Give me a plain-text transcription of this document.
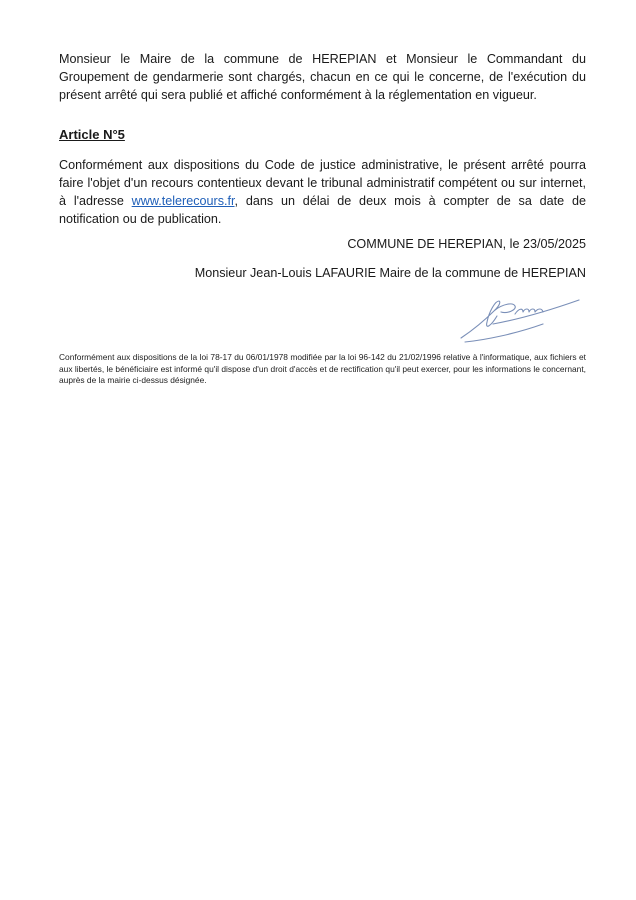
Monsieur le Maire de la commune de HEREPIAN et Monsieur le Commandant du Groupement de gendarmerie sont chargés, chacun en ce qui le concerne, de l'exécution du présent arrêté qui sera publié et affiché conformément à la réglementation en vigueur.

Article N°5

Conformément aux dispositions du Code de justice administrative, le présent arrêté pourra faire l'objet d'un recours contentieux devant le tribunal administratif compétent ou sur internet, à l'adresse www.telerecours.fr, dans un délai de deux mois à compter de sa date de notification ou de publication.

COMMUNE DE HEREPIAN, le 23/05/2025

Monsieur Jean-Louis LAFAURIE Maire de la commune de HEREPIAN

Conformément aux dispositions de la loi 78-17 du 06/01/1978 modifiée par la loi 96-142 du 21/02/1996 relative à l'informatique, aux fichiers et aux libertés, le bénéficiaire est informé qu'il dispose d'un droit d'accès et de rectification qu'il peut exercer, pour les informations le concernant, auprès de la mairie ci-dessus désignée.
